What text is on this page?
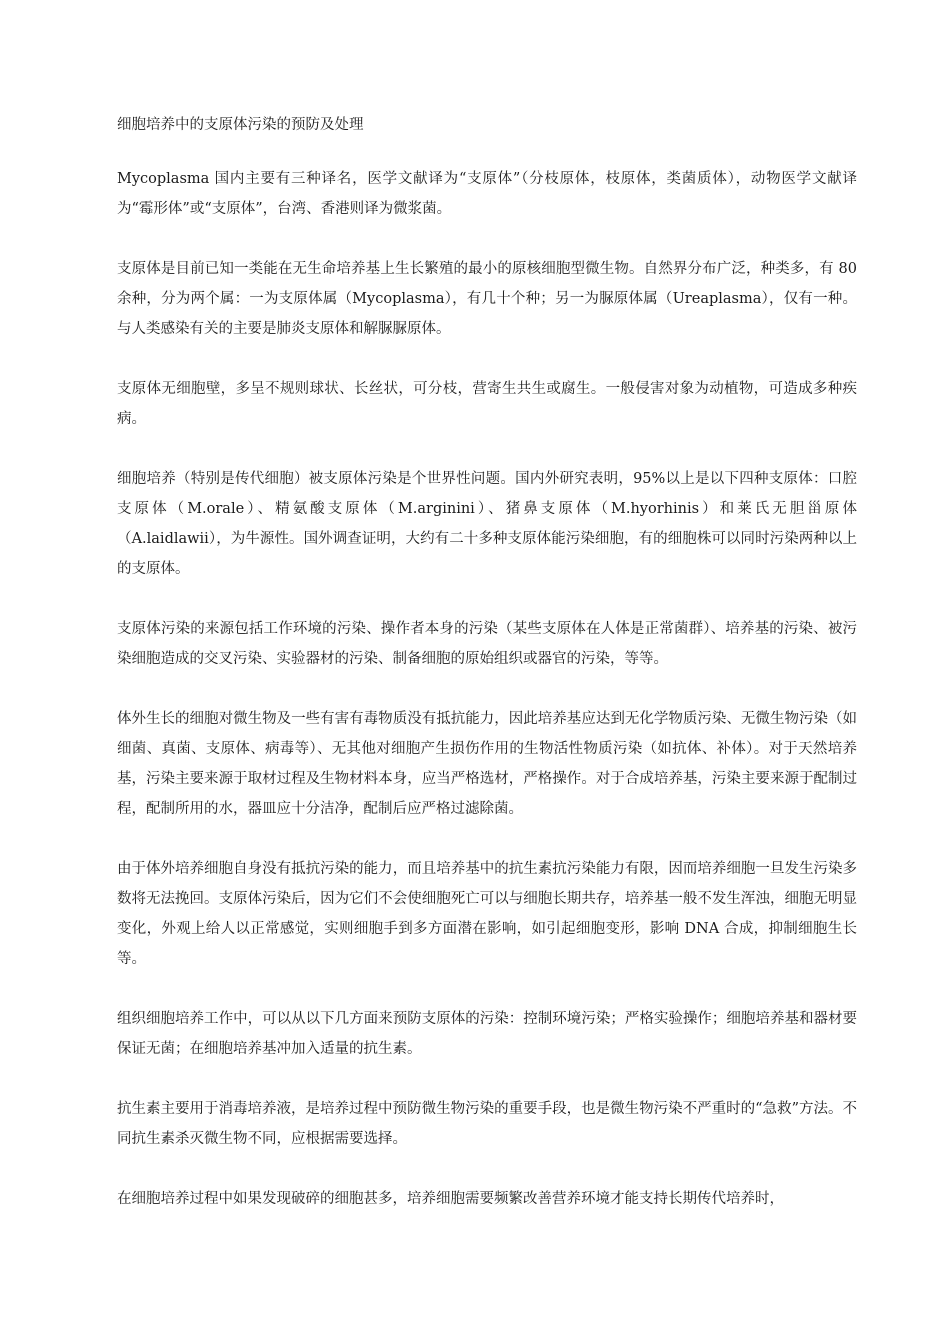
细胞培养中的支原体污染的预防及处理

Mycoplasma 国内主要有三种译名，医学文献译为“支原体”（分枝原体，枝原体，类菌质体），动物医学文献译为“霉形体”或“支原体”，台湾、香港则译为微浆菌。

支原体是目前已知一类能在无生命培养基上生长繁殖的最小的原核细胞型微生物。自然界分布广泛，种类多，有 80 余种，分为两个属：一为支原体属（Mycoplasma），有几十个种；另一为脲原体属（Ureaplasma），仅有一种。与人类感染有关的主要是肺炎支原体和解脲脲原体。

支原体无细胞壁，多呈不规则球状、长丝状，可分枝，营寄生共生或腐生。一般侵害对象为动植物，可造成多种疾病。

细胞培养（特别是传代细胞）被支原体污染是个世界性问题。国内外研究表明，95%以上是以下四种支原体：口腔支原体（M.orale）、精氨酸支原体（M.arginini）、猪鼻支原体（M.hyorhinis）和莱氏无胆甾原体（A.laidlawii），为牛源性。国外调查证明，大约有二十多种支原体能污染细胞，有的细胞株可以同时污染两种以上的支原体。

支原体污染的来源包括工作环境的污染、操作者本身的污染（某些支原体在人体是正常菌群）、培养基的污染、被污染细胞造成的交叉污染、实验器材的污染、制备细胞的原始组织或器官的污染，等等。

体外生长的细胞对微生物及一些有害有毒物质没有抵抗能力，因此培养基应达到无化学物质污染、无微生物污染（如细菌、真菌、支原体、病毒等）、无其他对细胞产生损伤作用的生物活性物质污染（如抗体、补体）。对于天然培养基，污染主要来源于取材过程及生物材料本身，应当严格选材，严格操作。对于合成培养基，污染主要来源于配制过程，配制所用的水，器皿应十分洁净，配制后应严格过滤除菌。

由于体外培养细胞自身没有抵抗污染的能力，而且培养基中的抗生素抗污染能力有限，因而培养细胞一旦发生污染多数将无法挽回。支原体污染后，因为它们不会使细胞死亡可以与细胞长期共存，培养基一般不发生浑浊，细胞无明显变化，外观上给人以正常感觉，实则细胞手到多方面潜在影响，如引起细胞变形，影响 DNA 合成，抑制细胞生长等。

组织细胞培养工作中，可以从以下几方面来预防支原体的污染：控制环境污染；严格实验操作；细胞培养基和器材要保证无菌；在细胞培养基冲加入适量的抗生素。

抗生素主要用于消毒培养液，是培养过程中预防微生物污染的重要手段，也是微生物污染不严重时的“急救”方法。不同抗生素杀灭微生物不同，应根据需要选择。

在细胞培养过程中如果发现破碎的细胞甚多，培养细胞需要频繁改善营养环境才能支持长期传代培养时，
